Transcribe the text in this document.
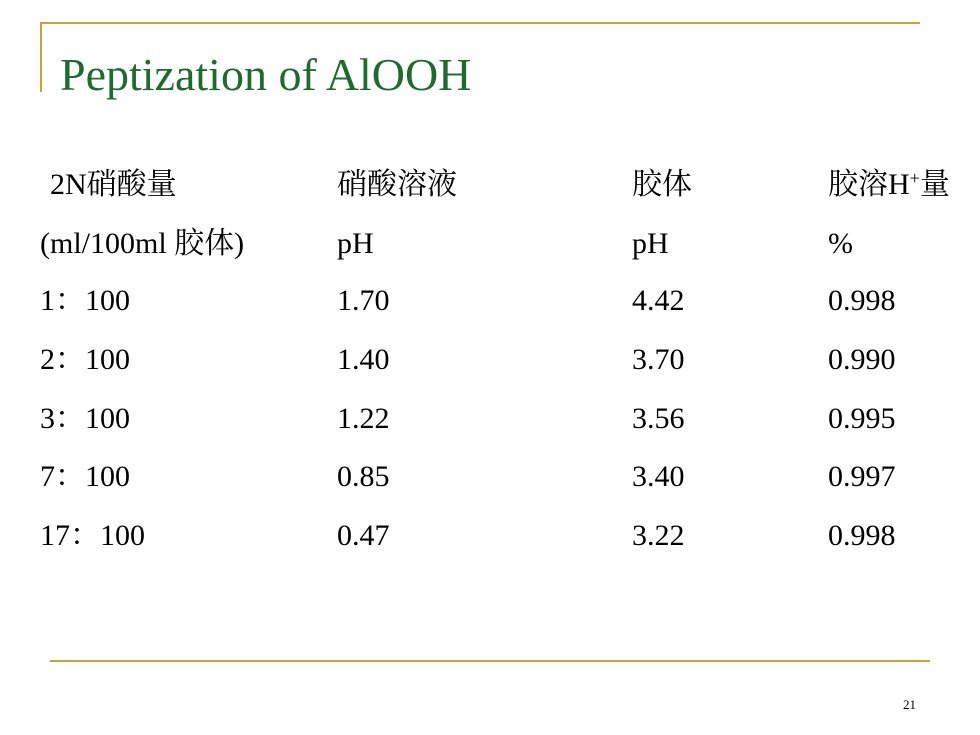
Peptization of AlOOH
2N硝酸量	硝酸溶液	胶体	胶溶H+量
(ml/100ml 胶体)	pH	pH	%
1：100	1.70	4.42	0.998
2：100	1.40	3.70	0.990
3：100	1.22	3.56	0.995
7：100	0.85	3.40	0.997
17：100	0.47	3.22	0.998
21
